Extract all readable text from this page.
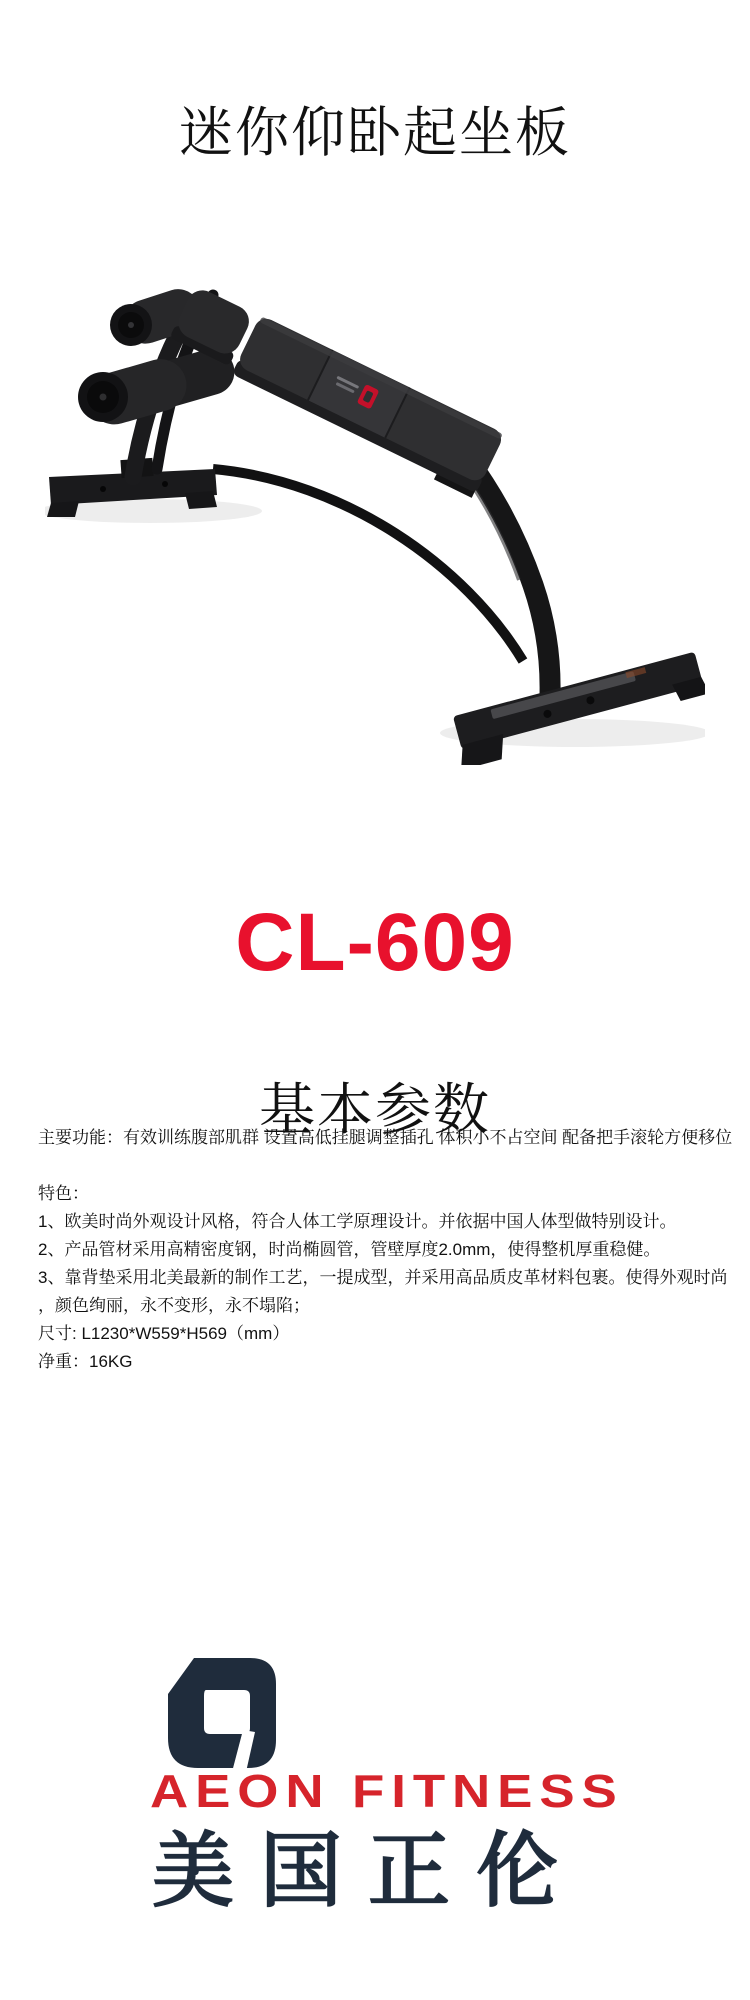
迷你仰卧起坐板
CL-609
基本参数

主要功能：有效训练腹部肌群 设置高低挂腿调整插孔 体积小不占空间 配备把手滚轮方便移位

特色：

1、欧美时尚外观设计风格，符合人体工学原理设计。并依据中国人体型做特别设计。

2、产品管材采用高精密度钢，时尚椭圆管，管壁厚度2.0mm，使得整机厚重稳健。

3、靠背垫采用北美最新的制作工艺，一提成型，并采用高品质皮革材料包裹。使得外观时尚

，颜色绚丽，永不变形，永不塌陷；

尺寸: L1230*W559*H569（mm）

净重：16KG

AEON FITNESS
美国正伦
